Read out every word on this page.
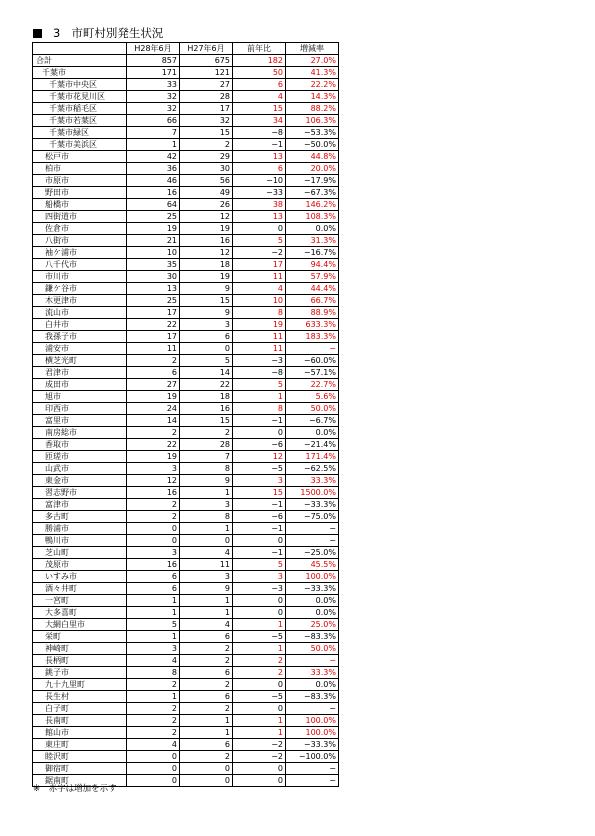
3 市町村別発生状況
	H28年6月	H27年6月	前年比	増減率
合計	857	675	182	27.0%
千葉市	171	121	50	41.3%
千葉市中央区	33	27	6	22.2%
千葉市花見川区	32	28	4	14.3%
千葉市稲毛区	32	17	15	88.2%
千葉市若葉区	66	32	34	106.3%
千葉市緑区	7	15	−8	−53.3%
千葉市美浜区	1	2	−1	−50.0%
松戸市	42	29	13	44.8%
柏市	36	30	6	20.0%
市原市	46	56	−10	−17.9%
野田市	16	49	−33	−67.3%
船橋市	64	26	38	146.2%
四街道市	25	12	13	108.3%
佐倉市	19	19	0	0.0%
八街市	21	16	5	31.3%
袖ケ浦市	10	12	−2	−16.7%
八千代市	35	18	17	94.4%
市川市	30	19	11	57.9%
鎌ケ谷市	13	9	4	44.4%
木更津市	25	15	10	66.7%
流山市	17	9	8	88.9%
白井市	22	3	19	633.3%
我孫子市	17	6	11	183.3%
浦安市	11	0	11	−
横芝光町	2	5	−3	−60.0%
君津市	6	14	−8	−57.1%
成田市	27	22	5	22.7%
旭市	19	18	1	5.6%
印西市	24	16	8	50.0%
富里市	14	15	−1	−6.7%
南房総市	2	2	0	0.0%
香取市	22	28	−6	−21.4%
匝瑳市	19	7	12	171.4%
山武市	3	8	−5	−62.5%
東金市	12	9	3	33.3%
習志野市	16	1	15	1500.0%
富津市	2	3	−1	−33.3%
多古町	2	8	−6	−75.0%
勝浦市	0	1	−1	−
鴨川市	0	0	0	−
芝山町	3	4	−1	−25.0%
茂原市	16	11	5	45.5%
いすみ市	6	3	3	100.0%
酒々井町	6	9	−3	−33.3%
一宮町	1	1	0	0.0%
大多喜町	1	1	0	0.0%
大網白里市	5	4	1	25.0%
栄町	1	6	−5	−83.3%
神崎町	3	2	1	50.0%
長柄町	4	2	2	−
銚子市	8	6	2	33.3%
九十九里町	2	2	0	0.0%
長生村	1	6	−5	−83.3%
白子町	2	2	0	−
長南町	2	1	1	100.0%
館山市	2	1	1	100.0%
東庄町	4	6	−2	−33.3%
睦沢町	0	2	−2	−100.0%
御宿町	0	0	0	−
鋸南町	0	0	0	−
※　赤字は増加を示す
